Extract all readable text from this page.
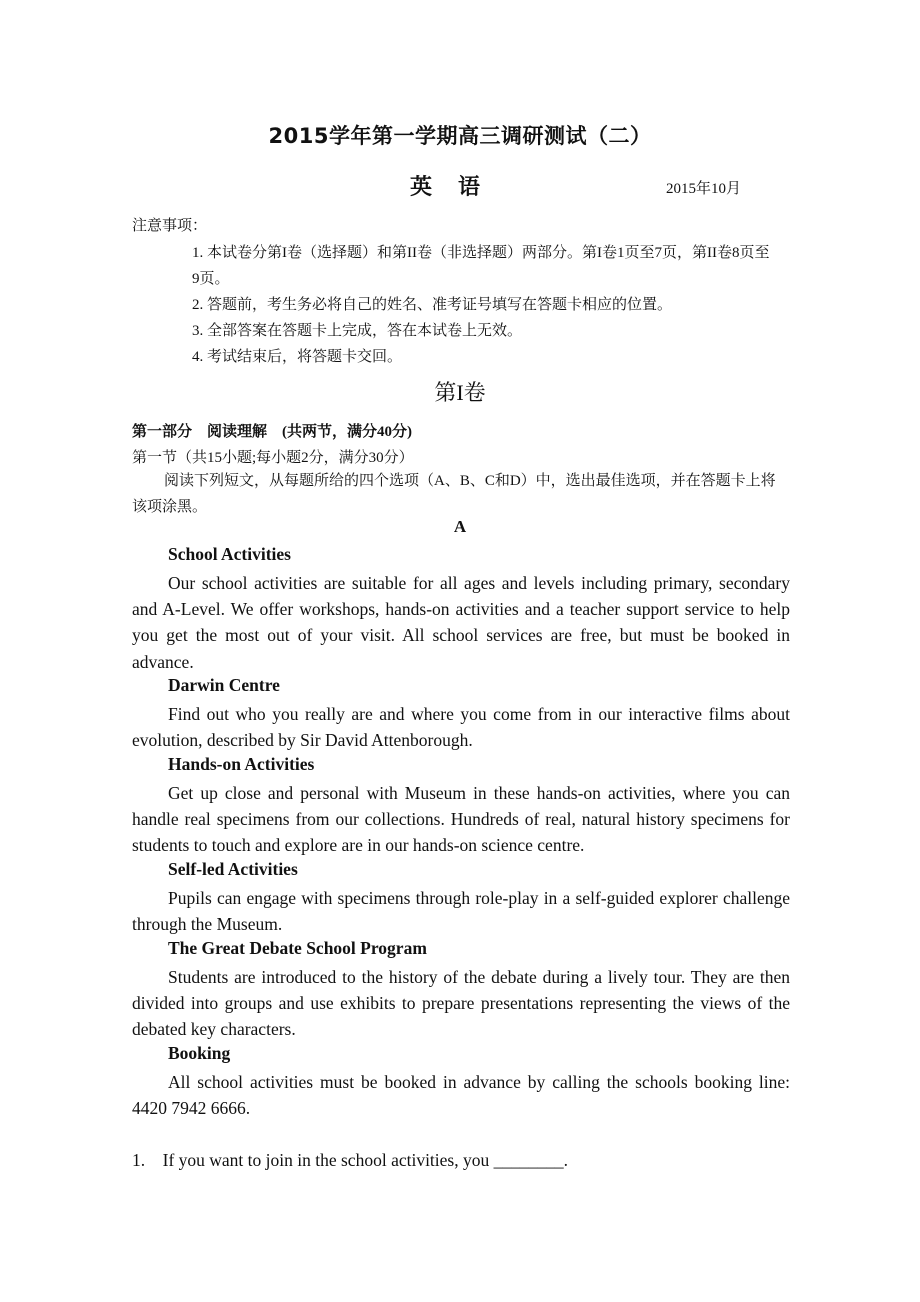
2015学年第一学期高三调研测试（二）
英语	2015年10月
注意事项：
1. 本试卷分第I卷（选择题）和第II卷（非选择题）两部分。第I卷1页至7页，第II卷8页至9页。
2. 答题前，考生务必将自己的姓名、准考证号填写在答题卡相应的位置。
3. 全部答案在答题卡上完成，答在本试卷上无效。
4. 考试结束后，将答题卡交回。
第I卷
第一部分　阅读理解　(共两节，满分40分)
第一节（共15小题;每小题2分，满分30分）
阅读下列短文，从每题所给的四个选项（A、B、C和D）中，选出最佳选项，并在答题卡上将该项涂黑。
A
School Activities
Our school activities are suitable for all ages and levels including primary, secondary and A-Level. We offer workshops, hands-on activities and a teacher support service to help you get the most out of your visit. All school services are free, but must be booked in advance.
Darwin Centre
Find out who you really are and where you come from in our interactive films about evolution, described by Sir David Attenborough.
Hands-on Activities
Get up close and personal with Museum in these hands-on activities, where you can handle real specimens from our collections. Hundreds of real, natural history specimens for students to touch and explore are in our hands-on science centre.
Self-led Activities
Pupils can engage with specimens through role-play in a self-guided explorer challenge through the Museum.
The Great Debate School Program
Students are introduced to the history of the debate during a lively tour. They are then divided into groups and use exhibits to prepare presentations representing the views of the debated key characters.
Booking
All school activities must be booked in advance by calling the schools booking line: 4420 7942 6666.
1.    If you want to join in the school activities, you ________.
